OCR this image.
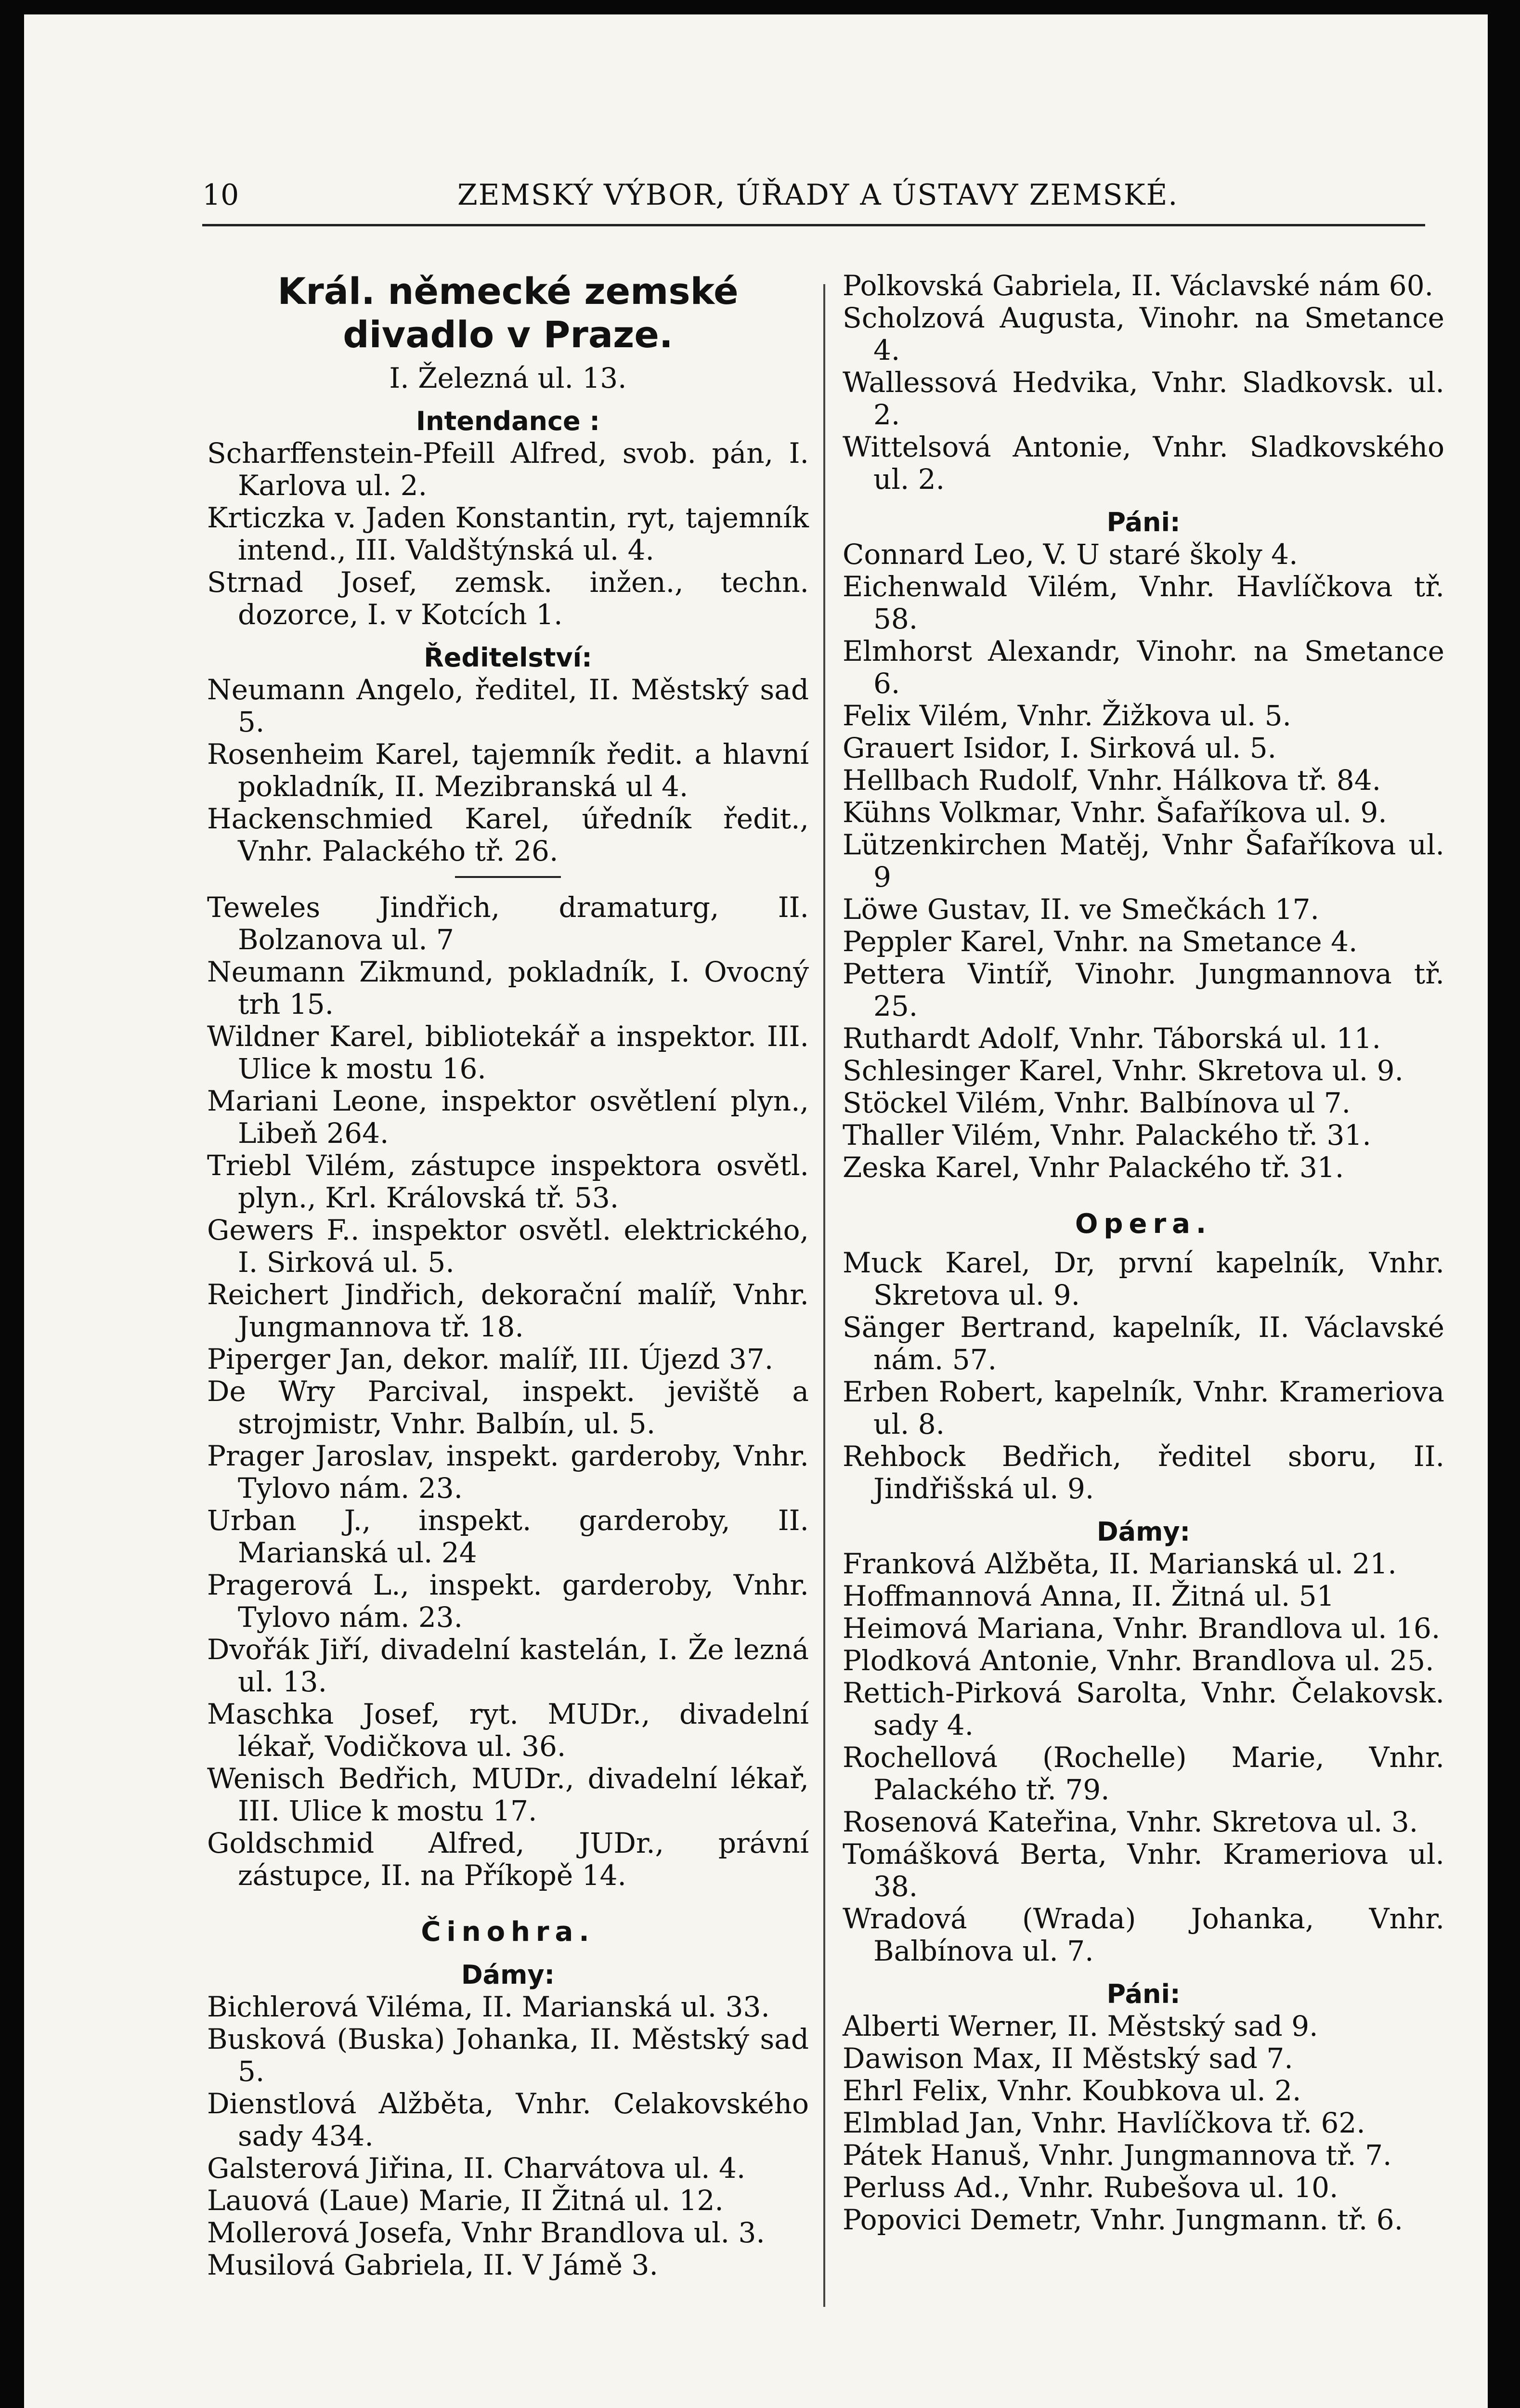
10	ZEMSKÝ VÝBOR, ÚŘADY A ÚSTAVY ZEMSKÉ.
Král. německé zemské divadlo v Praze.
I. Železná ul. 13.
Intendance :
Scharffenstein-Pfeill Alfred, svob. pán, I. Karlova ul. 2.
Krticzka v. Jaden Konstantin, ryt, tajemník intend., III. Valdštýnská ul. 4.
Strnad Josef, zemsk. inžen., techn. dozorce, I. v Kotcích 1.
Ředitelství:
Neumann Angelo, ředitel, II. Městský sad 5.
Rosenheim Karel, tajemník ředit. a hlavní pokladník, II. Mezibranská ul 4.
Hackenschmied Karel, úředník ředit., Vnhr. Palackého tř. 26.
Teweles Jindřich, dramaturg, II. Bolzanova ul. 7
Neumann Zikmund, pokladník, I. Ovocný trh 15.
Wildner Karel, bibliotekář a inspektor. III. Ulice k mostu 16.
Mariani Leone, inspektor osvětlení plyn., Libeň 264.
Triebl Vilém, zástupce inspektora osvětl. plyn., Krl. Královská tř. 53.
Gewers F.. inspektor osvětl. elektrického, I. Sirková ul. 5.
Reichert Jindřich, dekorační malíř, Vnhr. Jungmannova tř. 18.
Piperger Jan, dekor. malíř, III. Újezd 37.
De Wry Parcival, inspekt. jeviště a strojmistr, Vnhr. Balbín, ul. 5.
Prager Jaroslav, inspekt. garderoby, Vnhr. Tylovo nám. 23.
Urban J., inspekt. garderoby, II. Marianská ul. 24
Pragerová L., inspekt. garderoby, Vnhr. Tylovo nám. 23.
Dvořák Jiří, divadelní kastelán, I. Že lezná ul. 13.
Maschka Josef, ryt. MUDr., divadelní lékař, Vodičkova ul. 36.
Wenisch Bedřich, MUDr., divadelní lékař, III. Ulice k mostu 17.
Goldschmid Alfred, JUDr., právní zástupce, II. na Příkopě 14.
Činohra.
Dámy:
Bichlerová Viléma, II. Marianská ul. 33.
Busková (Buska) Johanka, II. Městský sad 5.
Dienstlová Alžběta, Vnhr. Celakovského sady 434.
Galsterová Jiřina, II. Charvátova ul. 4.
Lauová (Laue) Marie, II Žitná ul. 12.
Mollerová Josefa, Vnhr Brandlova ul. 3.
Musilová Gabriela, II. V Jámě 3.
Polkovská Gabriela, II. Václavské nám 60.
Scholzová Augusta, Vinohr. na Smetance 4.
Wallessová Hedvika, Vnhr. Sladkovsk. ul. 2.
Wittelsová Antonie, Vnhr. Sladkovského ul. 2.
Páni:
Connard Leo, V. U staré školy 4.
Eichenwald Vilém, Vnhr. Havlíčkova tř. 58.
Elmhorst Alexandr, Vinohr. na Smetance 6.
Felix Vilém, Vnhr. Žižkova ul. 5.
Grauert Isidor, I. Sirková ul. 5.
Hellbach Rudolf, Vnhr. Hálkova tř. 84.
Kühns Volkmar, Vnhr. Šafaříkova ul. 9.
Lützenkirchen Matěj, Vnhr Šafaříkova ul. 9
Löwe Gustav, II. ve Smečkách 17.
Peppler Karel, Vnhr. na Smetance 4.
Pettera Vintíř, Vinohr. Jungmannova tř. 25.
Ruthardt Adolf, Vnhr. Táborská ul. 11.
Schlesinger Karel, Vnhr. Skretova ul. 9.
Stöckel Vilém, Vnhr. Balbínova ul 7.
Thaller Vilém, Vnhr. Palackého tř. 31.
Zeska Karel, Vnhr Palackého tř. 31.
Opera.
Muck Karel, Dr, první kapelník, Vnhr. Skretova ul. 9.
Sänger Bertrand, kapelník, II. Václavské nám. 57.
Erben Robert, kapelník, Vnhr. Krameriova ul. 8.
Rehbock Bedřich, ředitel sboru, II. Jindřišská ul. 9.
Dámy:
Franková Alžběta, II. Marianská ul. 21.
Hoffmannová Anna, II. Žitná ul. 51
Heimová Mariana, Vnhr. Brandlova ul. 16.
Plodková Antonie, Vnhr. Brandlova ul. 25.
Rettich-Pirková Sarolta, Vnhr. Čelakovsk. sady 4.
Rochellová (Rochelle) Marie, Vnhr. Palackého tř. 79.
Rosenová Kateřina, Vnhr. Skretova ul. 3.
Tomášková Berta, Vnhr. Krameriova ul. 38.
Wradová (Wrada) Johanka, Vnhr. Balbínova ul. 7.
Páni:
Alberti Werner, II. Městský sad 9.
Dawison Max, II Městský sad 7.
Ehrl Felix, Vnhr. Koubkova ul. 2.
Elmblad Jan, Vnhr. Havlíčkova tř. 62.
Pátek Hanuš, Vnhr. Jungmannova tř. 7.
Perluss Ad., Vnhr. Rubešova ul. 10.
Popovici Demetr, Vnhr. Jungmann. tř. 6.
